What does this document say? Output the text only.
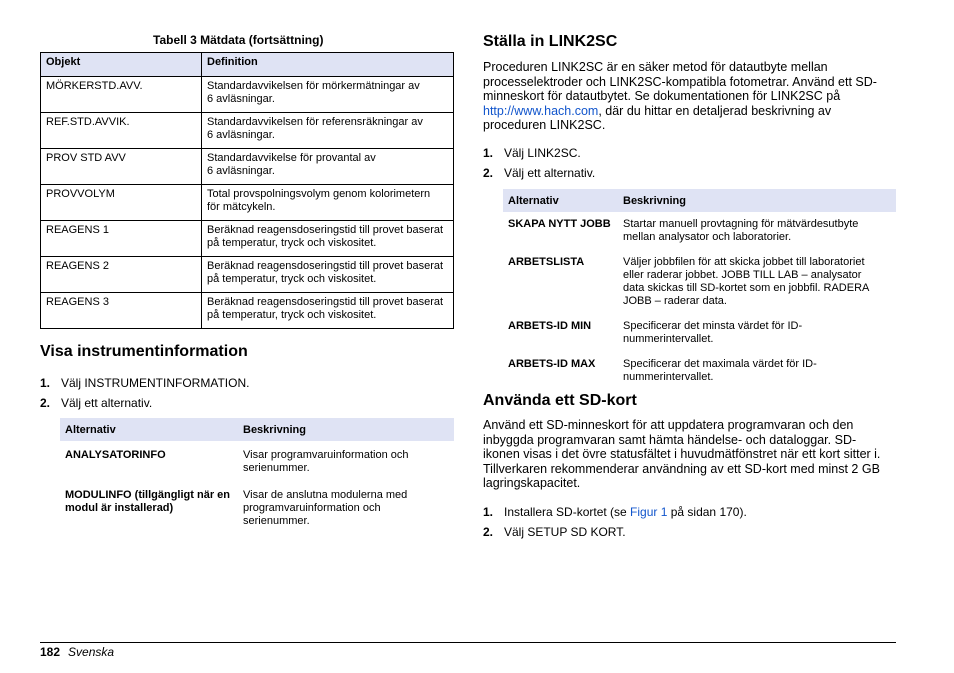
Tabell 3 Mätdata (fortsättning)
Objekt	Definition
MÖRKERSTD.AVV.	Standardavvikelsen för mörkermätningar av
6 avläsningar.
REF.STD.AVVIK.	Standardavvikelsen för referensräkningar av
6 avläsningar.
PROV STD AVV	Standardavvikelse för provantal av
6 avläsningar.
PROVVOLYM	Total provspolningsvolym genom kolorimetern
för mätcykeln.
REAGENS 1	Beräknad reagensdoseringstid till provet baserat
på temperatur, tryck och viskositet.
REAGENS 2	Beräknad reagensdoseringstid till provet baserat
på temperatur, tryck och viskositet.
REAGENS 3	Beräknad reagensdoseringstid till provet baserat
på temperatur, tryck och viskositet.
Visa instrumentinformation
1. Välj INSTRUMENTINFORMATION.
2. Välj ett alternativ.
Alternativ	Beskrivning
ANALYSATORINFO	Visar programvaruinformation och
serienummer.
MODULINFO (tillgängligt när en
modul är installerad)	Visar de anslutna modulerna med
programvaruinformation och
serienummer.
Ställa in LINK2SC
Proceduren LINK2SC är en säker metod för datautbyte mellan
processelektroder och LINK2SC-kompatibla fotometrar. Använd ett SD-
minneskort för datautbytet. Se dokumentationen för LINK2SC på
http://www.hach.com, där du hittar en detaljerad beskrivning av
proceduren LINK2SC.
1. Välj LINK2SC.
2. Välj ett alternativ.
Alternativ	Beskrivning
SKAPA NYTT JOBB	Startar manuell provtagning för mätvärdesutbyte
mellan analysator och laboratorier.
ARBETSLISTA	Väljer jobbfilen för att skicka jobbet till laboratoriet
eller raderar jobbet. JOBB TILL LAB – analysator
data skickas till SD-kortet som en jobbfil. RADERA
JOBB – raderar data.
ARBETS-ID MIN	Specificerar det minsta värdet för ID-
nummerintervallet.
ARBETS-ID MAX	Specificerar det maximala värdet för ID-
nummerintervallet.
Använda ett SD-kort
Använd ett SD-minneskort för att uppdatera programvaran och den
inbyggda programvaran samt hämta händelse- och dataloggar. SD-
ikonen visas i det övre statusfältet i huvudmätfönstret när ett kort sitter i.
Tillverkaren rekommenderar användning av ett SD-kort med minst 2 GB
lagringskapacitet.
1. Installera SD-kortet (se Figur 1 på sidan 170).
2. Välj SETUP SD KORT.
182 Svenska
